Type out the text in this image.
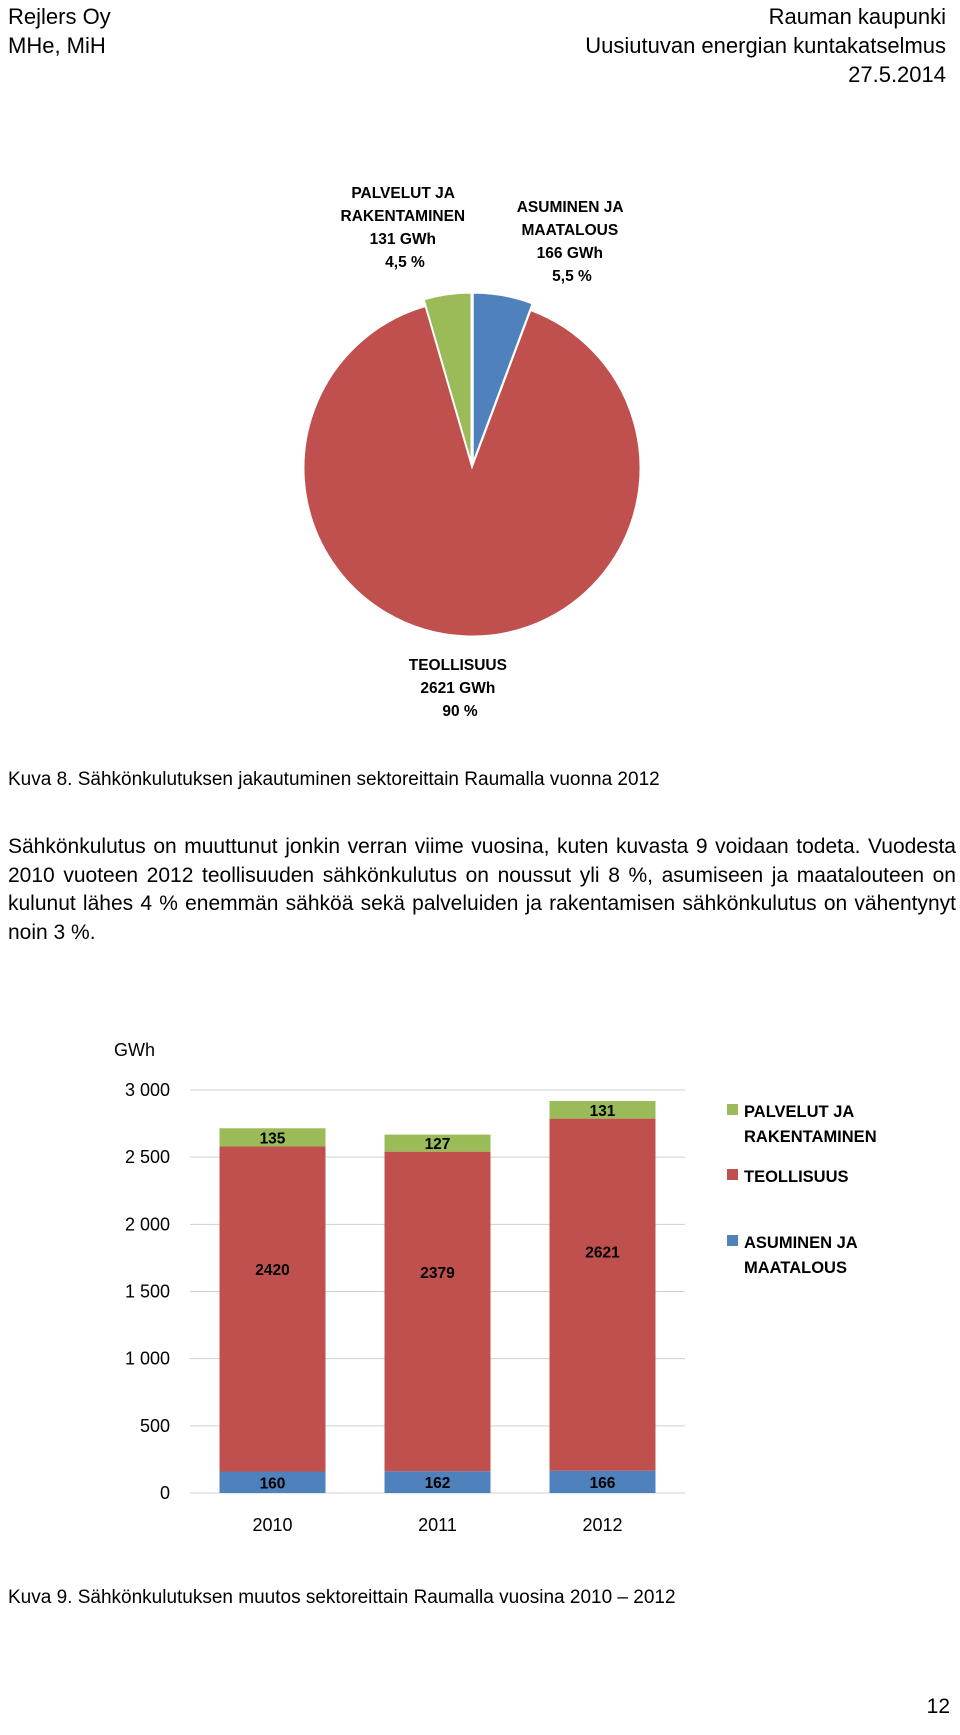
Rejlers Oy
MHe, MiH
Rauman kaupunki
Uusiutuvan energian kuntakatselmus
27.5.2014
PALVELUT JA RAKENTAMINEN 131 GWh 4,5 %
ASUMINEN JA MAATALOUS 166 GWh 5,5 %
TEOLLISUUS 2621 GWh 90 %
Kuva 8. Sähkönkulutuksen jakautuminen sektoreittain Raumalla vuonna 2012
Sähkönkulutus on muuttunut jonkin verran viime vuosina, kuten kuvasta 9 voidaan todeta. Vuodesta 2010 vuoteen 2012 teollisuuden sähkönkulutus on noussut yli 8 %, asumiseen ja maatalouteen on kulunut lähes 4 % enemmän sähköä sekä palveluiden ja rakentamisen sähkönkulutus on vähentynyt noin 3 %.
GWh
0
500
1 000
1 500
2 000
2 500
3 000
160
2420
135
2010
162
2379
127
2011
166
2621
131
2012
PALVELUT JA RAKENTAMINEN
TEOLLISUUS
ASUMINEN JA MAATALOUS
Kuva 9. Sähkönkulutuksen muutos sektoreittain Raumalla vuosina 2010 – 2012
12
